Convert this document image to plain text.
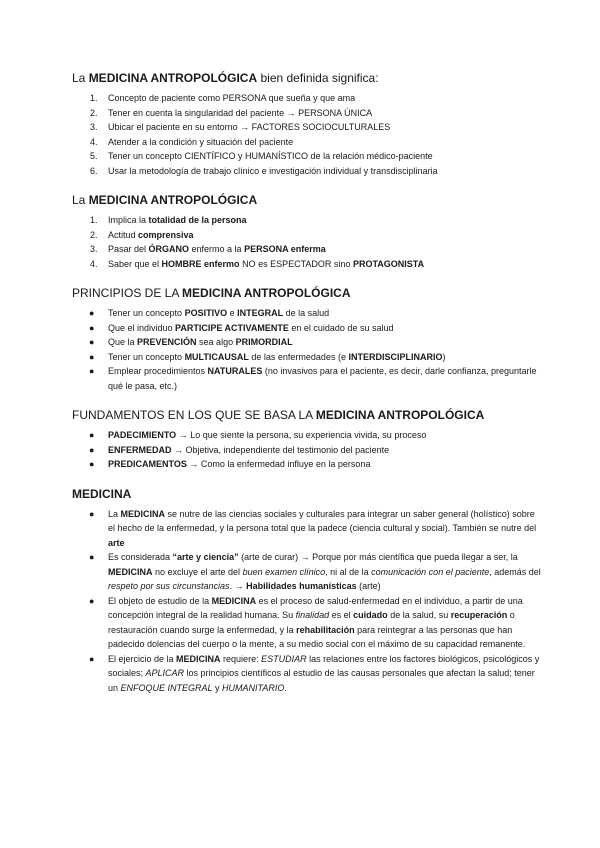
La MEDICINA ANTROPOLÓGICA bien definida significa:
1. Concepto de paciente como PERSONA que sueña y que ama
2. Tener en cuenta la singularidad del paciente → PERSONA ÚNICA
3. Ubicar el paciente en su entorno → FACTORES SOCIOCULTURALES
4. Atender a la condición y situación del paciente
5. Tener un concepto CIENTÍFICO y HUMANÍSTICO de la relación médico-paciente
6. Usar la metodología de trabajo clínico e investigación individual y transdisciplinaria
La MEDICINA ANTROPOLÓGICA
1. Implica la totalidad de la persona
2. Actitud comprensiva
3. Pasar del ÓRGANO enfermo a la PERSONA enferma
4. Saber que el HOMBRE enfermo NO es ESPECTADOR sino PROTAGONISTA
PRINCIPIOS DE LA MEDICINA ANTROPOLÓGICA
● Tener un concepto POSITIVO e INTEGRAL de la salud
● Que el individuo PARTICIPE ACTIVAMENTE en el cuidado de su salud
● Que la PREVENCIÓN sea algo PRIMORDIAL
● Tener un concepto MULTICAUSAL de las enfermedades (e INTERDISCIPLINARIO)
● Emplear procedimientos NATURALES (no invasivos para el paciente, es decir, darle confianza, preguntarle qué le pasa, etc.)
FUNDAMENTOS EN LOS QUE SE BASA LA MEDICINA ANTROPOLÓGICA
● PADECIMIENTO → Lo que siente la persona, su experiencia vivida, su proceso
● ENFERMEDAD → Objetiva, independiente del testimonio del paciente
● PREDICAMENTOS → Como la enfermedad influye en la persona
MEDICINA
● La MEDICINA se nutre de las ciencias sociales y culturales para integrar un saber general (holístico) sobre el hecho de la enfermedad, y la persona total que la padece (ciencia cultural y social). También se nutre del arte
● Es considerada “arte y ciencia” (arte de curar) → Porque por más científica que pueda llegar a ser, la MEDICINA no excluye el arte del buen examen clínico, ni al de la comunicación con el paciente, además del respeto por sus circunstancias. → Habilidades humanísticas (arte)
● El objeto de estudio de la MEDICINA es el proceso de salud-enfermedad en el individuo, a partir de una concepción integral de la realidad humana. Su finalidad es el cuidado de la salud, su recuperación o restauración cuando surge la enfermedad, y la rehabilitación para reintegrar a las personas que han padecido dolencias del cuerpo o la mente, a su medio social con el máximo de su capacidad remanente.
● El ejercicio de la MEDICINA requiere: ESTUDIAR las relaciones entre los factores biológicos, psicológicos y sociales; APLICAR los principios científicos al estudio de las causas personales que afectan la salud; tener un ENFOQUE INTEGRAL y HUMANITARIO.
